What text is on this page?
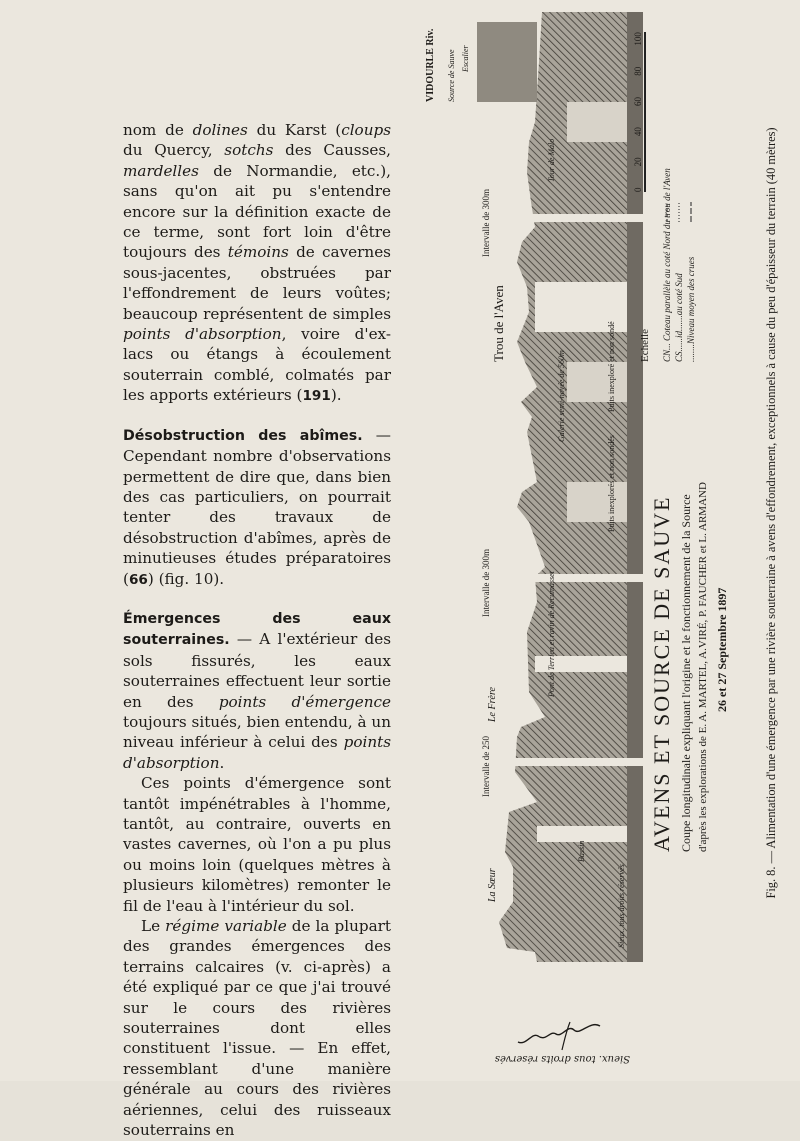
nom de dolines du Karst (cloups du Quercy, sotchs des Causses, mardelles de Normandie, etc.), sans qu'on ait pu s'entendre encore sur la définition exacte de ce terme, sont fort loin d'être toujours des témoins de cavernes sous-jacentes, obstruées par l'effondrement de leurs voûtes; beaucoup représentent de simples points d'absorption, voire d'ex-lacs ou étangs à écoulement souterrain comblé, colmatés par les apports extérieurs (191).

Désobstruction des abîmes. — Cependant nombre d'observations permettent de dire que, dans bien des cas particuliers, on pourrait tenter des travaux de désobstruction d'abîmes, après de minutieuses études préparatoires (66) (fig. 10).

Émergences des eaux souterraines. — A l'extérieur des sols fissurés, les eaux souterraines effectuent leur sortie en des points d'émergence toujours situés, bien entendu, à un niveau inférieur à celui des points d'absorption.

Ces points d'émergence sont tantôt impénétrables à l'homme, tantôt, au contraire, ouverts en vastes cavernes, où l'on a pu plus ou moins loin (quelques mètres à plusieurs kilomètres) remonter le fil de l'eau à l'intérieur du sol.

Le régime variable de la plupart des grandes émergences des terrains calcaires (v. ci-après) a été expliqué par ce que j'ai trouvé sur le cours des rivières souterraines dont elles constituent l'issue. — En effet, ressemblant d'une manière générale au cours des rivières aériennes, celui des ruisseaux souterrains en

Echelle
0
20
40
60
80
100
CN... Coteau parallèle au coté Nord du trou de l'Aven CS......id.......au coté Sud ........Niveau moyen des crues
AVENS ET SOURCE DE SAUVE Coupe longitudinale expliquant l'origine et le fonctionnement de la Source d'après les explorations de E. A. MARTEL, A.VIRÉ, P. FAUCHER et L. ARMAND 26 et 27 Septembre 1897
La Sœur
Le Frère
Intervalle de 250
Intervalle de 300m
Intervalle de 300m
Trou de l'Aven
Pont de Terrieu et ravin de Recumasset
Puits inexplorés et non sondés
Puits inexploré et non sondé
Galerie semi-noyée de 560m
Bassin
Tour de Malo
Escalier
Source de Sauve
VIDOURLE Riv.
Sieux. tous droits réservés
Fig. 8. — Alimentation d'une émergence par une rivière souterraine à avens d'effondrement, exceptionnels à cause du peu d'épaisseur du terrain (40 mètres)
Sieux. tous droits réservés
